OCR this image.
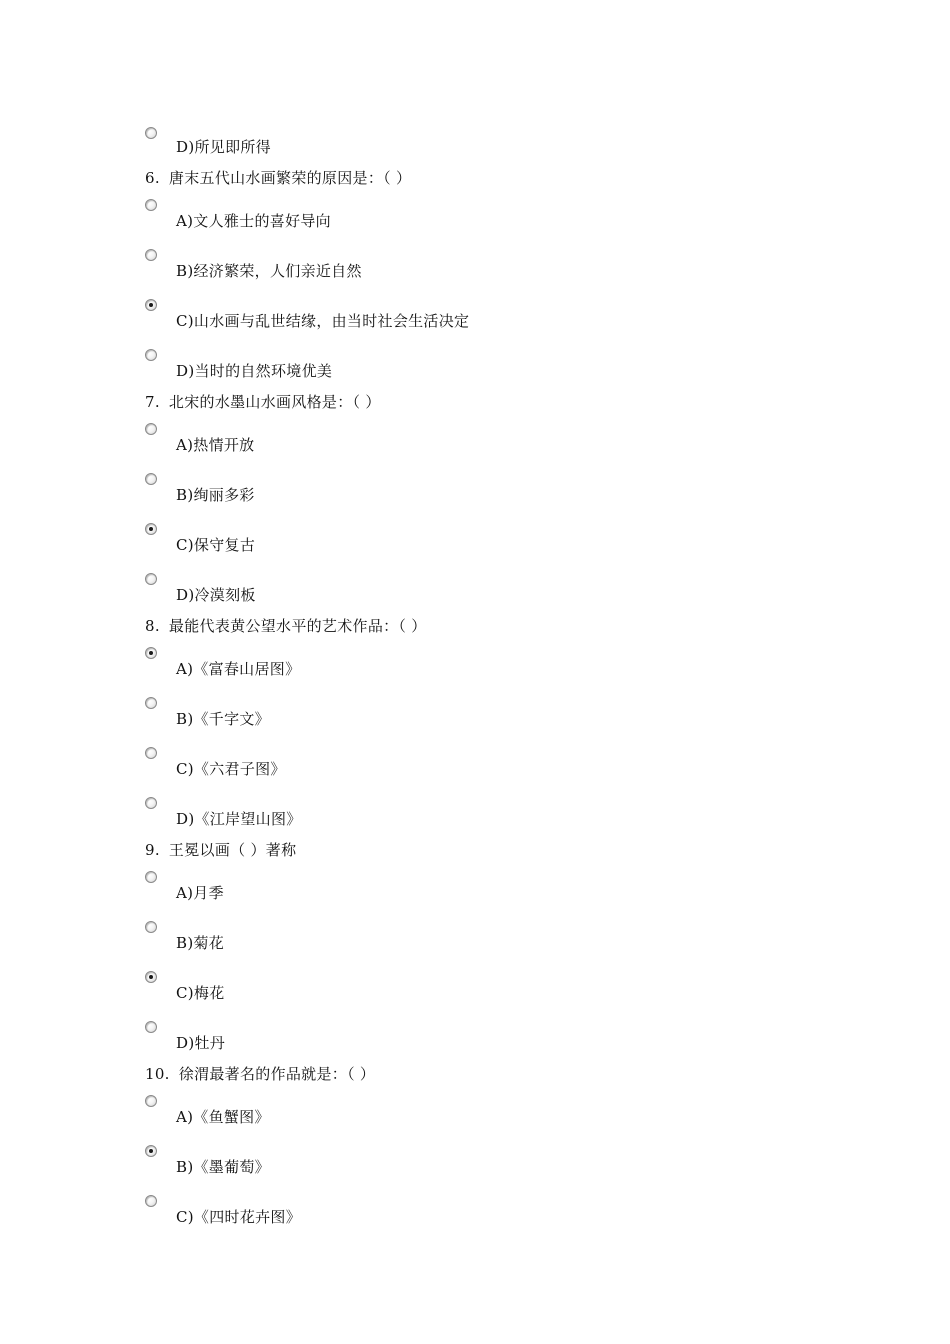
D)所见即所得
6. 唐末五代山水画繁荣的原因是：（ ）
A)文人雅士的喜好导向
B)经济繁荣，人们亲近自然
C)山水画与乱世结缘，由当时社会生活决定
D)当时的自然环境优美
7. 北宋的水墨山水画风格是：（ ）
A)热情开放
B)绚丽多彩
C)保守复古
D)冷漠刻板
8. 最能代表黄公望水平的艺术作品：（ ）
A)《富春山居图》
B)《千字文》
C)《六君子图》
D)《江岸望山图》
9. 王冕以画（ ）著称
A)月季
B)菊花
C)梅花
D)牡丹
10. 徐渭最著名的作品就是：（ ）
A)《鱼蟹图》
B)《墨葡萄》
C)《四时花卉图》
